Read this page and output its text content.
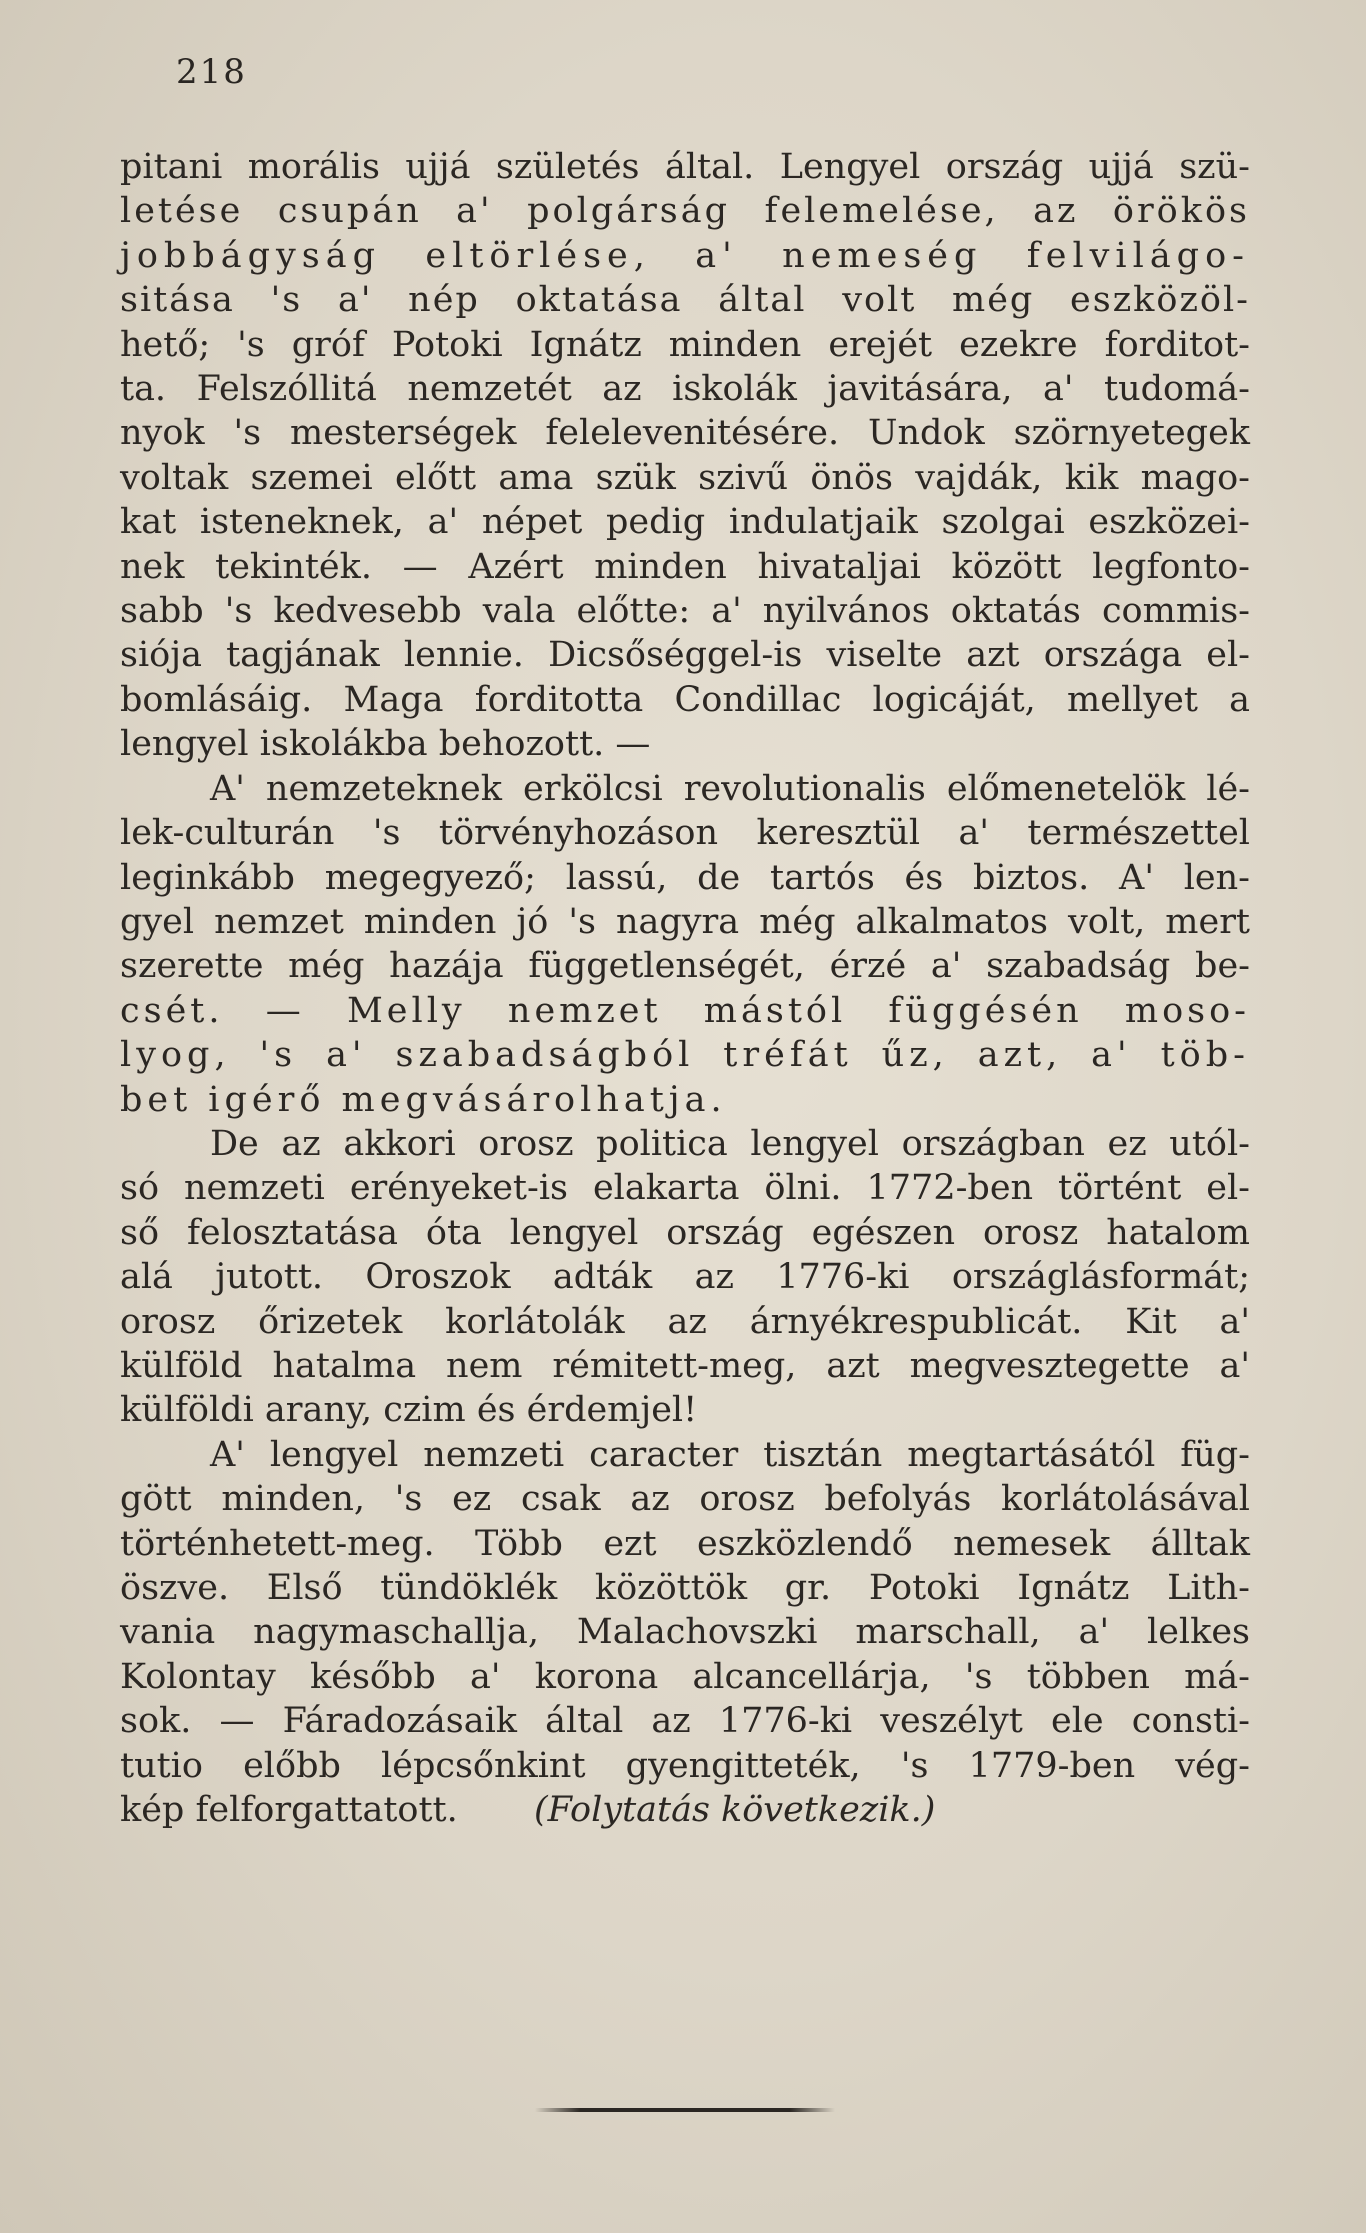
218
pitani morális ujjá születés által. Lengyel ország ujjá szü-
letése csupán a' polgárság felemelése, az örökös
jobbágyság eltörlése, a' nemeség felvilágo-
sitása 's a' nép oktatása által volt még eszközöl-
hető; 's gróf Potoki Ignátz minden erejét ezekre forditot-
ta. Felszóllitá nemzetét az iskolák javitására, a' tudomá-
nyok 's mesterségek felelevenitésére. Undok szörnyetegek
voltak szemei előtt ama szük szivű önös vajdák, kik mago-
kat isteneknek, a' népet pedig indulatjaik szolgai eszközei-
nek tekinték. — Azért minden hivataljai között legfonto-
sabb 's kedvesebb vala előtte: a' nyilvános oktatás commis-
siója tagjának lennie. Dicsőséggel-is viselte azt országa el-
bomlásáig. Maga forditotta Condillac logicáját, mellyet a
lengyel iskolákba behozott. —
A' nemzeteknek erkölcsi revolutionalis előmenetelök lé-
lek-culturán 's törvényhozáson keresztül a' természettel
leginkább megegyező; lassú, de tartós és biztos. A' len-
gyel nemzet minden jó 's nagyra még alkalmatos volt, mert
szerette még hazája függetlenségét, érzé a' szabadság be-
csét. — Melly nemzet mástól függésén moso-
lyog, 's a' szabadságból tréfát űz, azt, a' töb-
bet igérő megvásárolhatja.
De az akkori orosz politica lengyel országban ez utól-
só nemzeti erényeket-is elakarta ölni. 1772-ben történt el-
ső felosztatása óta lengyel ország egészen orosz hatalom
alá jutott. Oroszok adták az 1776-ki országlásformát;
orosz őrizetek korlátolák az árnyékrespublicát. Kit a'
külföld hatalma nem rémitett-meg, azt megvesztegette a'
külföldi arany, czim és érdemjel!
A' lengyel nemzeti caracter tisztán megtartásától füg-
gött minden, 's ez csak az orosz befolyás korlátolásával
történhetett-meg. Több ezt eszközlendő nemesek álltak
öszve. Első tündöklék közöttök gr. Potoki Ignátz Lith-
vania nagymaschallja, Malachovszki marschall, a' lelkes
Kolontay később a' korona alcancellárja, 's többen má-
sok. — Fáradozásaik által az 1776-ki veszélyt ele consti-
tutio előbb lépcsőnkint gyengitteték, 's 1779-ben vég-
kép felforgattatott. (Folytatás következik.)
